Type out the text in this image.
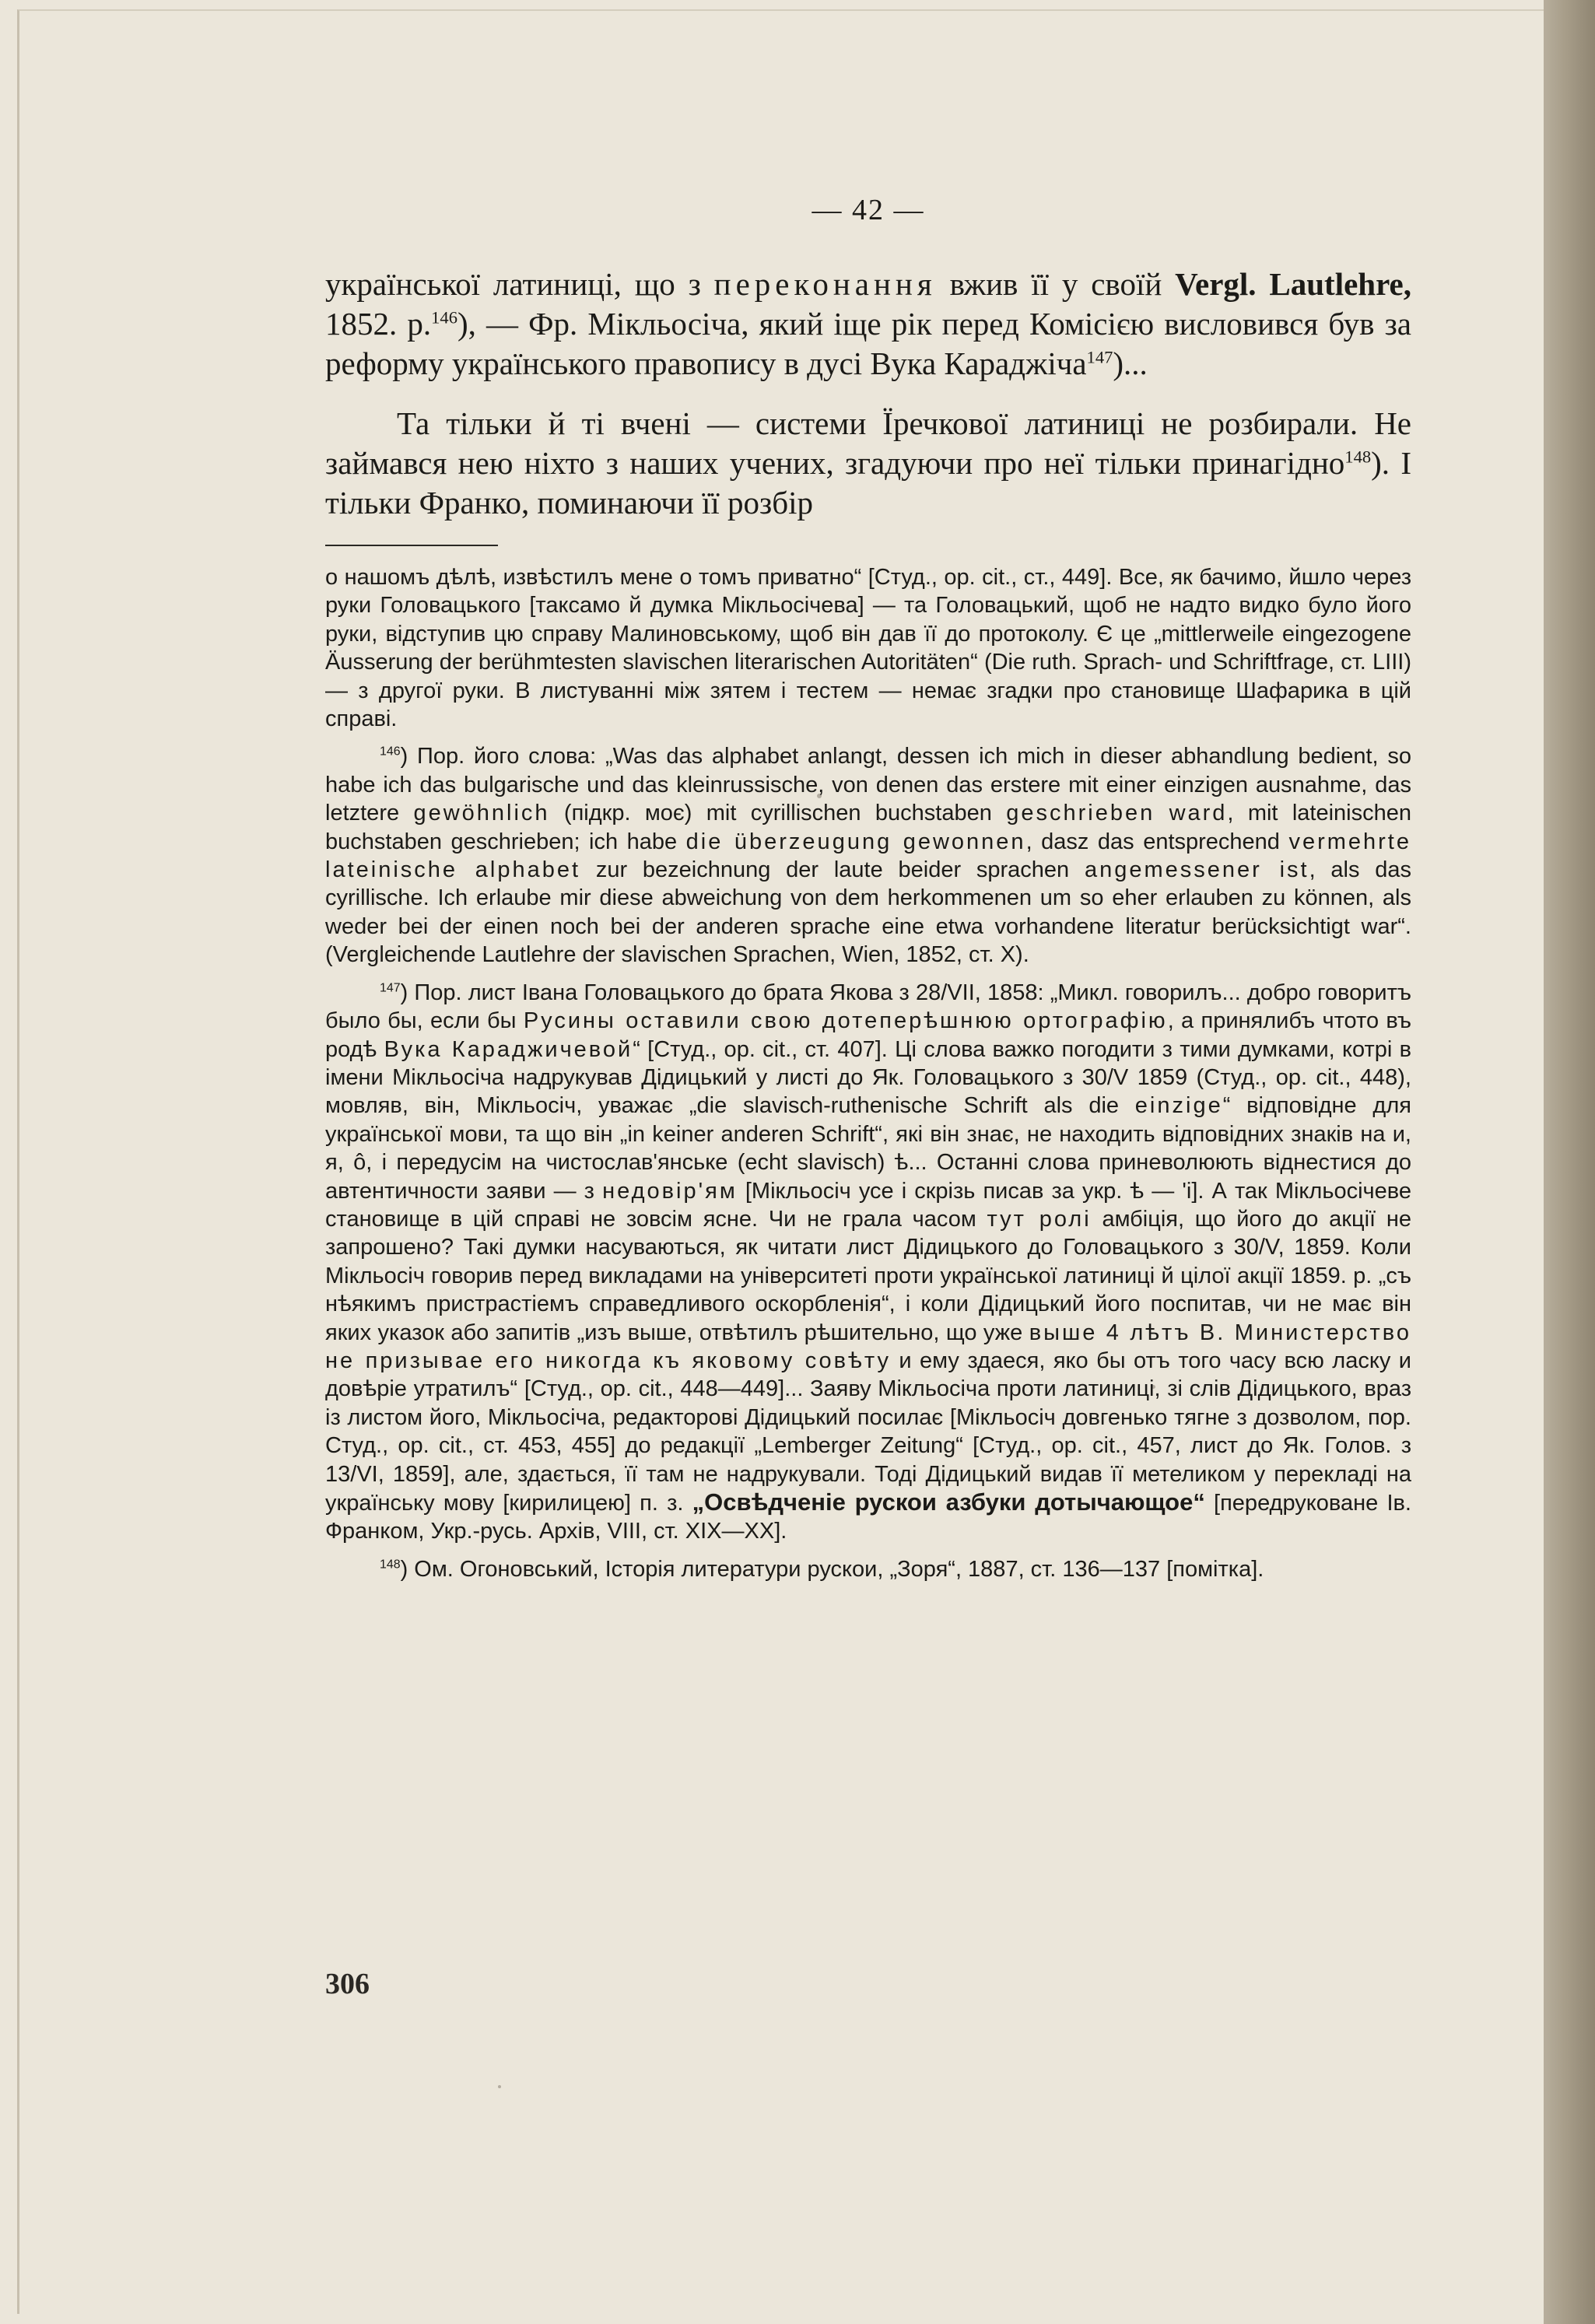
— 42 —

української латиниці, що з переконання вжив її у своїй Vergl. Lautlehre, 1852. р.$^{146}$), — Фр. Мікльосіча, який іще рік перед Комісією висловився був за реформу українського правопису в дусі Вука Караджіча$^{147}$)...

Та тільки й ті вчені — системи Їречкової латиниці не розбирали. Не займався нею ніхто з наших учених, згадуючи про неї тільки принагідно$^{148}$). І тільки Франко, поминаючи її розбір

о нашомъ дѣлѣ, извѣстилъ мене о томъ приватно“ [Студ., op. cit., ст., 449]. Все, як бачимо, йшло через руки Головацького [таксамо й думка Мікльосічева] — та Головацький, щоб не надто видко було його руки, відступив цю справу Малиновському, щоб він дав її до протоколу. Є це „mittlerweile eingezogene Äusserung der berühmtesten slavischen literarischen Autoritäten“ (Die ruth. Sprach- und Schriftfrage, ст. LIII) — з другої руки. В листуванні між зятем і тестем — немає згадки про становище Шафарика в цій справі.

$^{146}$) Пор. його слова: „Was das alphabet anlangt, dessen ich mich in dieser abhandlung bedient, so habe ich das bulgarische und das kleinrussische, von denen das erstere mit einer einzigen ausnahme, das letztere gewöhnlich (підкр. моє) mit cyrillischen buchstaben geschrieben ward, mit lateinischen buchstaben geschrieben; ich habe die überzeugung gewonnen, dasz das entsprechend vermehrte lateinische alphabet zur bezeichnung der laute beider sprachen angemessener ist, als das cyrillische. Ich erlaube mir diese abweichung von dem herkommenen um so eher erlauben zu können, als weder bei der einen noch bei der anderen sprache eine etwa vorhandene literatur berücksichtigt war“. (Vergleichende Lautlehre der slavischen Sprachen, Wien, 1852, ст. X).

$^{147}$) Пор. лист Івана Головацького до брата Якова з 28/VII, 1858: „Микл. говорилъ... добро говоритъ было бы, если бы Русины оставили свою дотеперѣшнюю ортографію, а принялибъ чтото въ родѣ Вука Караджичевой“ [Студ., op. cit., ст. 407]. Ці слова важко погодити з тими думками, котрі в імени Мікльосіча надрукував Дідицький у листі до Як. Головацького з 30/V 1859 (Студ., op. cit., 448), мовляв, він, Мікльосіч, уважає „die slavisch-ruthenische Schrift als die einzige“ відповідне для української мови, та що він „in keiner anderen Schrift“, які він знає, не находить відповідних знаків на и, я, ô, і передусім на чистослав'янське (echt slavisch) ѣ... Останні слова приневолюють віднестися до автентичности заяви — з недовір'ям [Мікльосіч усе і скрізь писав за укр. ѣ — 'і]. А так Мікльосічеве становище в цій справі не зовсім ясне. Чи не грала часом тут ролі амбіція, що його до акції не запрошено? Такі думки насуваються, як читати лист Дідицького до Головацького з 30/V, 1859. Коли Мікльосіч говорив перед викладами на університеті проти української латиниці й цілої акції 1859. р. „съ нѣякимъ пристрастіемъ справедливого оскорбленія“, і коли Дідицький його поспитав, чи не має він яких указок або запитів „изъ выше, отвѣтилъ рѣшительно, що уже выше 4 лѣтъ В. Министерство не призывае его никогда къ яковому совѣту и ему здаеся, яко бы отъ того часу всю ласку и довѣріе утратилъ“ [Студ., op. cit., 448—449]... Заяву Мікльосіча проти латиниці, зі слів Дідицького, враз із листом його, Мікльосіча, редакторові Дідицький посилає [Мікльосіч довгенько тягне з дозволом, пор. Студ., op. cit., ст. 453, 455] до редакції „Lemberger Zeitung“ [Студ., op. cit., 457, лист до Як. Голов. з 13/VI, 1859], але, здається, її там не надрукували. Тоді Дідицький видав її метеликом у перекладі на українську мову [кирилицею] п. з. „Освѣдченіе рускои азбуки дотычающое“ [передруковане Ів. Франком, Укр.-русь. Архів, VIII, ст. XIX—XX].

$^{148}$) Ом. Огоновський, Історія литератури рускои, „Зоря“, 1887, ст. 136—137 [помітка].

306
